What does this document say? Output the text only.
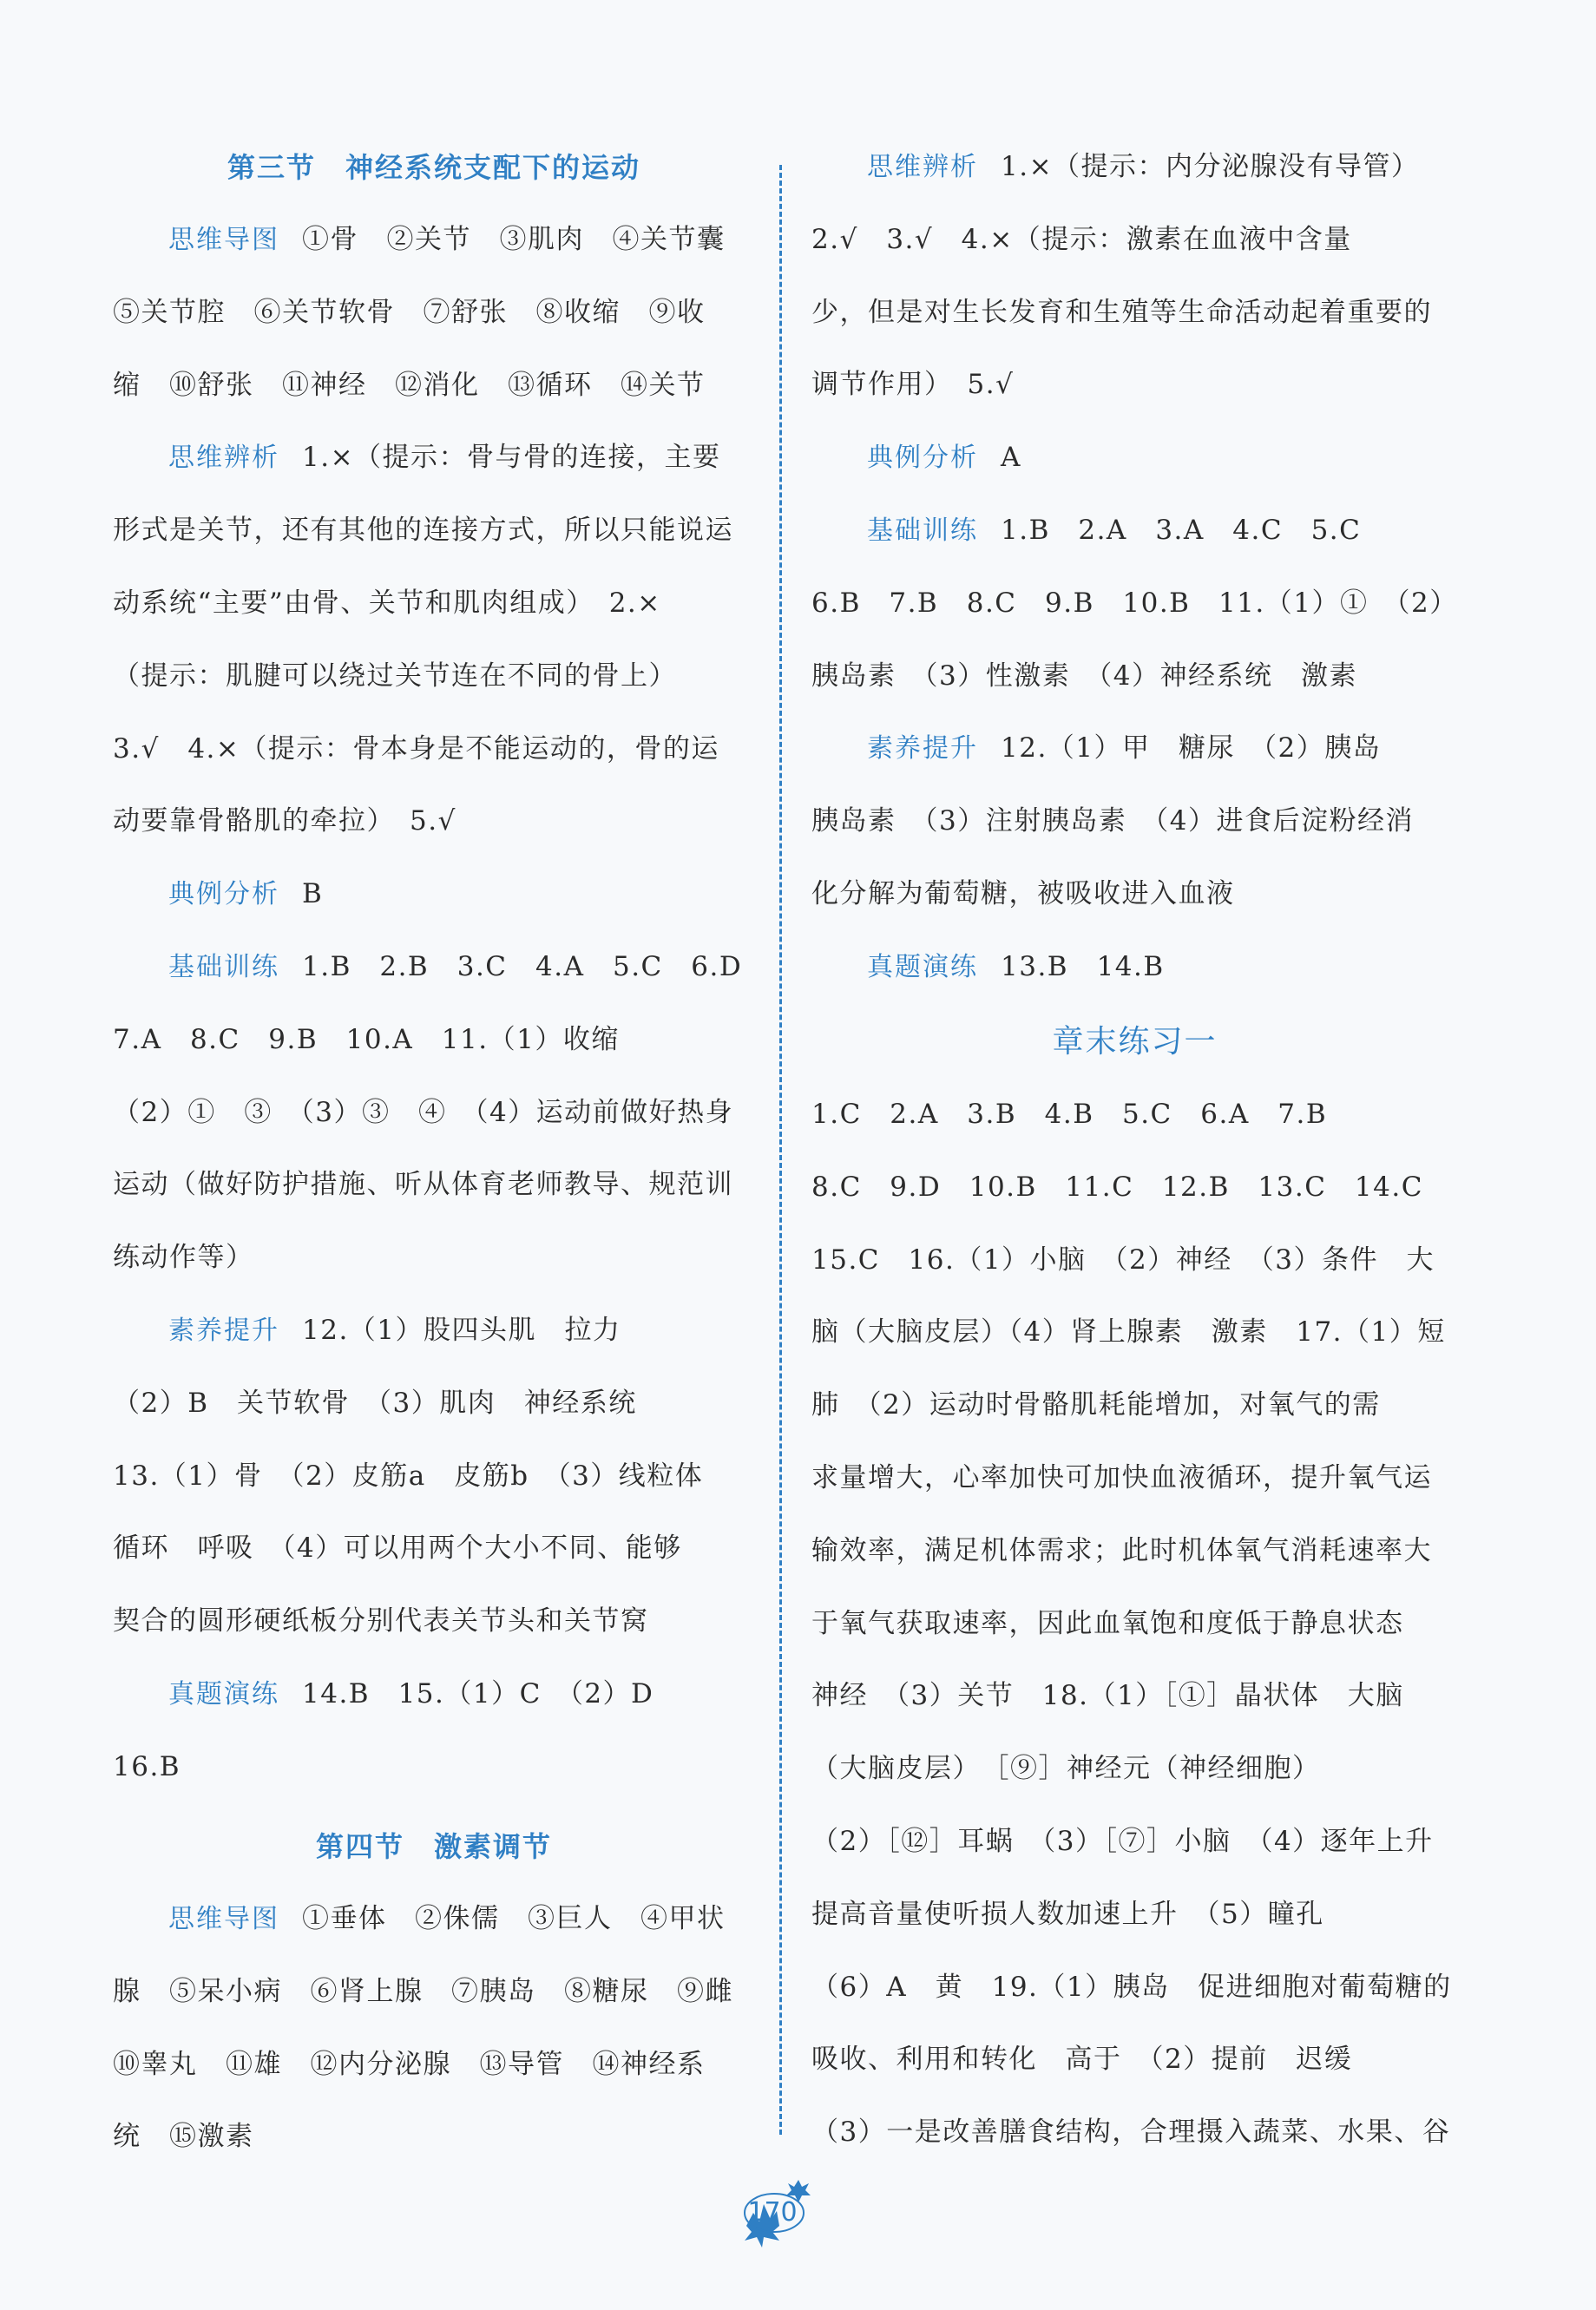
第三节　神经系统支配下的运动
思维导图 ①骨　②关节　③肌肉　④关节囊
⑤关节腔　⑥关节软骨　⑦舒张　⑧收缩　⑨收
缩　⑩舒张　⑪神经　⑫消化　⑬循环　⑭关节
思维辨析 1.×（提示：骨与骨的连接，主要
形式是关节，还有其他的连接方式，所以只能说运
动系统“主要”由骨、关节和肌肉组成）　2.×
（提示：肌腱可以绕过关节连在不同的骨上）
3.√　4.×（提示：骨本身是不能运动的，骨的运
动要靠骨骼肌的牵拉）　5.√
典例分析 B
基础训练 1.B　2.B　3.C　4.A　5.C　6.D
7.A　8.C　9.B　10.A　11.（1）收缩
（2）①　③　（3）③　④　（4）运动前做好热身
运动（做好防护措施、听从体育老师教导、规范训
练动作等）
素养提升 12.（1）股四头肌　拉力
（2）B　关节软骨　（3）肌肉　神经系统
13.（1）骨　（2）皮筋a　皮筋b　（3）线粒体
循环　呼吸　（4）可以用两个大小不同、能够
契合的圆形硬纸板分别代表关节头和关节窝
真题演练 14.B　15.（1）C　（2）D
16.B
第四节　激素调节
思维导图 ①垂体　②侏儒　③巨人　④甲状
腺　⑤呆小病　⑥肾上腺　⑦胰岛　⑧糖尿　⑨雌
⑩睾丸　⑪雄　⑫内分泌腺　⑬导管　⑭神经系
统　⑮激素
思维辨析 1.×（提示：内分泌腺没有导管）
2.√　3.√　4.×（提示：激素在血液中含量
少，但是对生长发育和生殖等生命活动起着重要的
调节作用）　5.√
典例分析 A
基础训练 1.B　2.A　3.A　4.C　5.C
6.B　7.B　8.C　9.B　10.B　11.（1）①　（2）
胰岛素　（3）性激素　（4）神经系统　激素
素养提升 12.（1）甲　糖尿　（2）胰岛
胰岛素　（3）注射胰岛素　（4）进食后淀粉经消
化分解为葡萄糖，被吸收进入血液
真题演练 13.B　14.B
章末练习一
1.C　2.A　3.B　4.B　5.C　6.A　7.B
8.C　9.D　10.B　11.C　12.B　13.C　14.C
15.C　16.（1）小脑　（2）神经　（3）条件　大
脑（大脑皮层）（4）肾上腺素　激素　17.（1）短
肺　（2）运动时骨骼肌耗能增加，对氧气的需
求量增大，心率加快可加快血液循环，提升氧气运
输效率，满足机体需求；此时机体氧气消耗速率大
于氧气获取速率，因此血氧饱和度低于静息状态
神经　（3）关节　18.（1）［①］晶状体　大脑
（大脑皮层）　［⑨］神经元（神经细胞）
（2）［⑫］耳蜗　（3）［⑦］小脑　（4）逐年上升
提高音量使听损人数加速上升　（5）瞳孔
（6）A　黄　19.（1）胰岛　促进细胞对葡萄糖的
吸收、利用和转化　高于　（2）提前　迟缓
（3）一是改善膳食结构，合理摄入蔬菜、水果、谷
170
